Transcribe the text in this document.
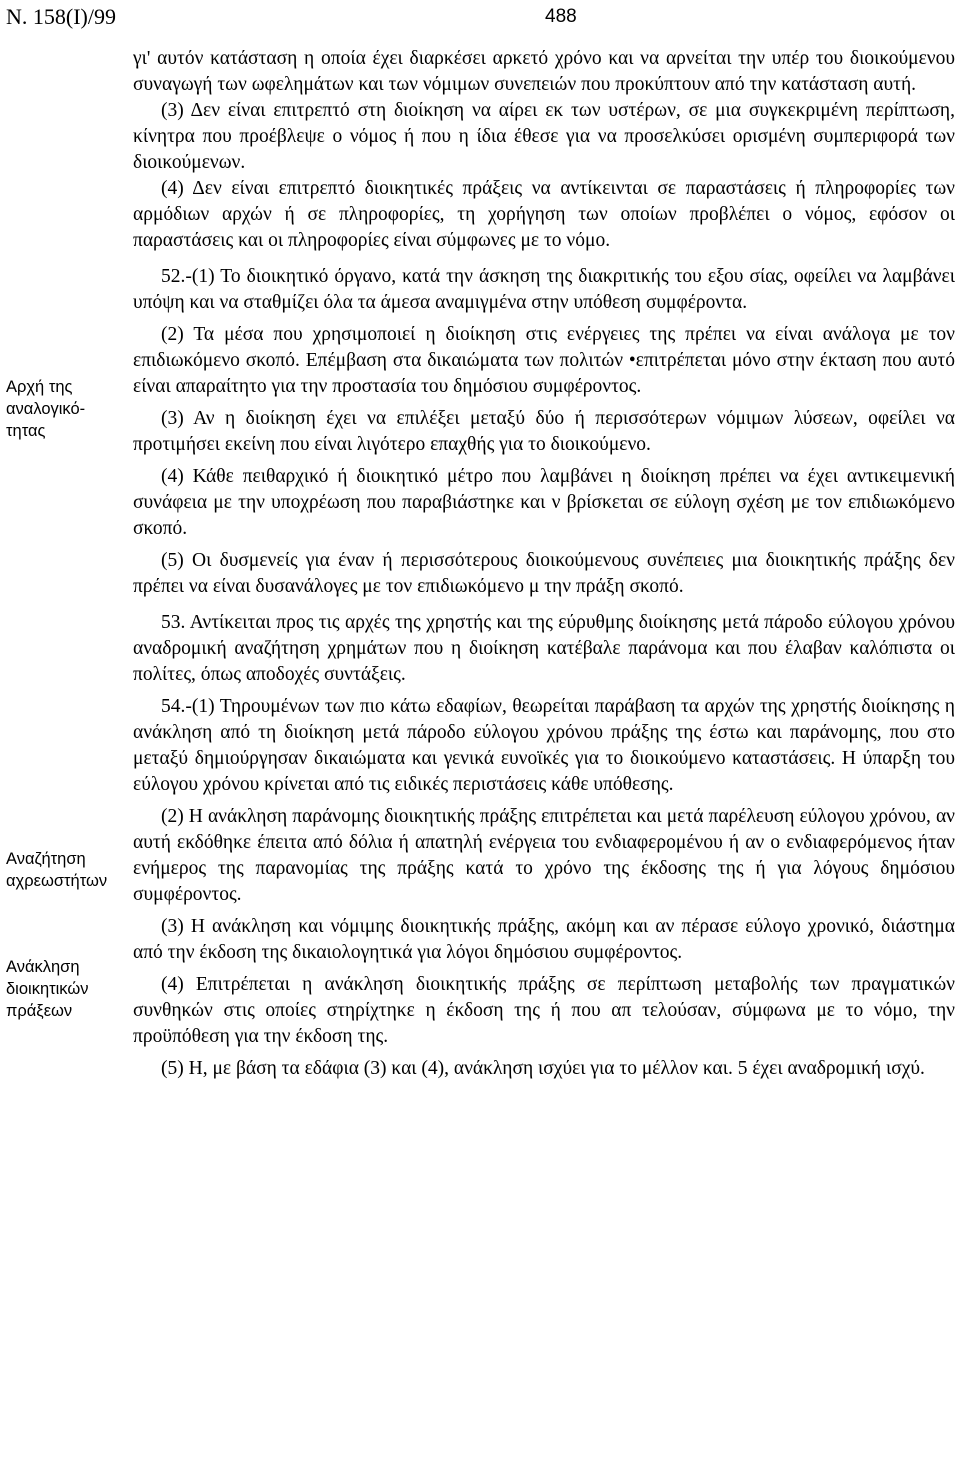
Ν. 158(Ι)/99	488
Αρχή της
αναλογικό-
τητας
Αναζήτηση
αχρεωστήτων
Ανάκληση
διοικητικών
πράξεων

γι' αυτόν κατάσταση η οποία έχει διαρκέσει αρκετό χρόνο και να αρνείται την υπέρ του διοικούμενου συναγωγή των ωφελημάτων και των νόμιμων συνεπειών που προκύπτουν από την κατάσταση αυτή.

(3) Δεν είναι επιτρεπτό στη διοίκηση να αίρει εκ των υστέρων, σε μια συγκεκριμένη περίπτωση, κίνητρα που προέβλεψε ο νόμος ή που η ίδια έθεσε για να προσελκύσει ορισμένη συμπεριφορά των διοικούμενων.

(4) Δεν είναι επιτρεπτό διοικητικές πράξεις να αντίκεινται σε παραστάσεις ή πληροφορίες των αρμόδιων αρχών ή σε πληροφορίες, τη χορήγηση των οποίων προβλέπει ο νόμος, εφόσον οι παραστάσεις και οι πληροφορίες είναι σύμφωνες με το νόμο.

52.-(1) Το διοικητικό όργανο, κατά την άσκηση της διακριτικής του εξου σίας, οφείλει να λαμβάνει υπόψη και να σταθμίζει όλα τα άμεσα αναμιγμένα στην υπόθεση συμφέροντα.

(2) Τα μέσα που χρησιμοποιεί η διοίκηση στις ενέργειες της πρέπει να είναι ανάλογα με τον επιδιωκόμενο σκοπό. Επέμβαση στα δικαιώματα των πολιτών •επιτρέπεται μόνο στην έκταση που αυτό είναι απαραίτητο για την προστασία του δημόσιου συμφέροντος.

(3) Αν η διοίκηση έχει να επιλέξει μεταξύ δύο ή περισσότερων νόμιμων λύσεων, οφείλει να προτιμήσει εκείνη που είναι λιγότερο επαχθής για το διοικούμενο.

(4) Κάθε πειθαρχικό ή διοικητικό μέτρο που λαμβάνει η διοίκηση πρέπει να έχει αντικειμενική συνάφεια με την υποχρέωση που παραβιάστηκε και ν βρίσκεται σε εύλογη σχέση με τον επιδιωκόμενο σκοπό.

(5) Οι δυσμενείς για έναν ή περισσότερους διοικούμενους συνέπειες μια διοικητικής πράξης δεν πρέπει να είναι δυσανάλογες με τον επιδιωκόμενο μ την πράξη σκοπό.

53. Αντίκειται προς τις αρχές της χρηστής και της εύρυθμης διοίκησης μετά πάροδο εύλογου χρόνου αναδρομική αναζήτηση χρημάτων που η διοίκηση κατέβαλε παράνομα και που έλαβαν καλόπιστα οι πολίτες, όπως αποδοχές συντάξεις.

54.-(1) Τηρουμένων των πιο κάτω εδαφίων, θεωρείται παράβαση τα αρχών της χρηστής διοίκησης η ανάκληση από τη διοίκηση μετά πάροδο εύλογου χρόνου πράξης της έστω και παράνομης, που στο μεταξύ δημιούργησαν δικαιώματα και γενικά ευνοϊκές για το διοικούμενο καταστάσεις. Η ύπαρξη του εύλογου χρόνου κρίνεται από τις ειδικές περιστάσεις κάθε υπόθεσης.

(2) Η ανάκληση παράνομης διοικητικής πράξης επιτρέπεται και μετά παρέλευση εύλογου χρόνου, αν αυτή εκδόθηκε έπειτα από δόλια ή απατηλή ενέργεια του ενδιαφερομένου ή αν ο ενδιαφερόμενος ήταν ενήμερος της παρανομίας της πράξης κατά το χρόνο της έκδοσης της ή για λόγους δημόσιου συμφέροντος.

(3) Η ανάκληση και νόμιμης διοικητικής πράξης, ακόμη και αν πέρασε εύλογο χρονικό, διάστημα από την έκδοση της δικαιολογητικά για λόγοι δημόσιου συμφέροντος.

(4) Επιτρέπεται η ανάκληση διοικητικής πράξης σε περίπτωση μεταβολής των πραγματικών συνθηκών στις οποίες στηρίχτηκε η έκδοση της ή που απ τελούσαν, σύμφωνα με το νόμο, την προϋπόθεση για την έκδοση της.

(5) Η, με βάση τα εδάφια (3) και (4), ανάκληση ισχύει για το μέλλον και. 5 έχει αναδρομική ισχύ.
